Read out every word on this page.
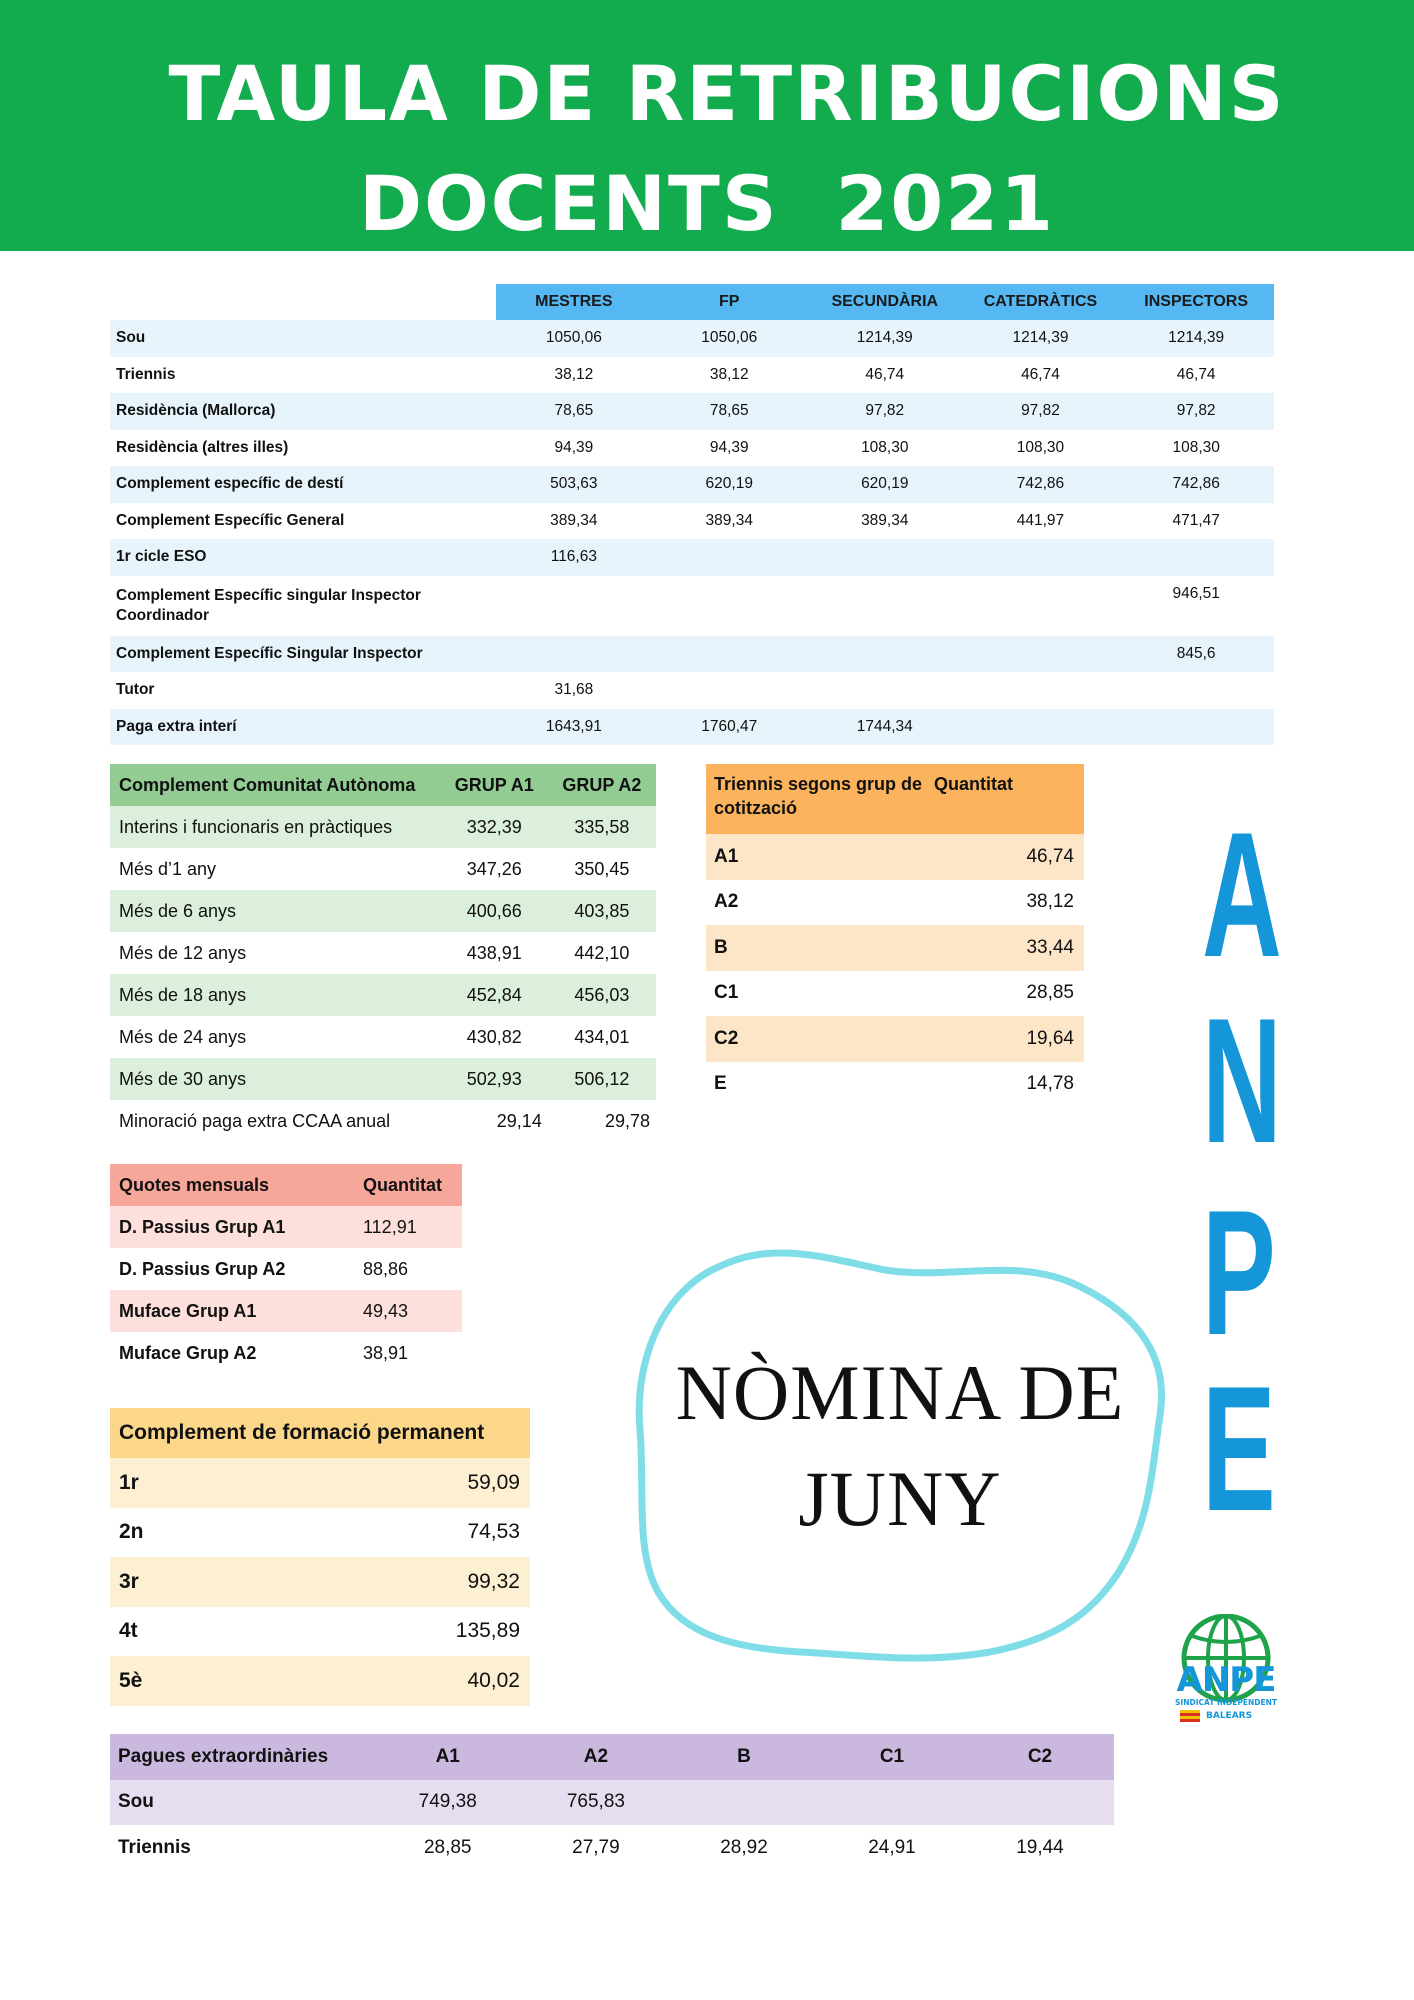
TAULA DE RETRIBUCIONS
DOCENTS  2021
	MESTRES	FP	SECUNDÀRIA	CATEDRÀTICS	INSPECTORS
Sou	1050,06	1050,06	1214,39	1214,39	1214,39
Triennis	38,12	38,12	46,74	46,74	46,74
Residència (Mallorca)	78,65	78,65	97,82	97,82	97,82
Residència (altres illes)	94,39	94,39	108,30	108,30	108,30
Complement específic de destí	503,63	620,19	620,19	742,86	742,86
Complement Específic General	389,34	389,34	389,34	441,97	471,47
1r cicle ESO	116,63				
Complement Específic singular Inspector Coordinador					946,51
Complement Específic Singular Inspector					845,6
Tutor	31,68				
Paga extra interí	1643,91	1760,47	1744,34		
Complement Comunitat Autònoma	GRUP A1	GRUP A2
Interins i funcionaris en pràctiques	332,39	335,58
Més d’1 any	347,26	350,45
Més de 6 anys	400,66	403,85
Més de 12 anys	438,91	442,10
Més de 18 anys	452,84	456,03
Més de 24 anys	430,82	434,01
Més de 30 anys	502,93	506,12
Minoració paga extra CCAA anual	29,14	29,78
Triennis segons grup de cotització	Quantitat
A1	46,74
A2	38,12
B	33,44
C1	28,85
C2	19,64
E	14,78
Quotes mensuals	Quantitat
D. Passius Grup A1	112,91
D. Passius Grup A2	88,86
Muface Grup A1	49,43
Muface Grup A2	38,91
Complement de formació permanent	
1r	59,09
2n	74,53
3r	99,32
4t	135,89
5è	40,02
Pagues extraordinàries	A1	A2	B	C1	C2
Sou	749,38	765,83			
Triennis	28,85	27,79	28,92	24,91	19,44
NÒMINA DE
JUNY
A
N
P
E
ANPE
SINDICAT INDEPENDENT
BALEARS
